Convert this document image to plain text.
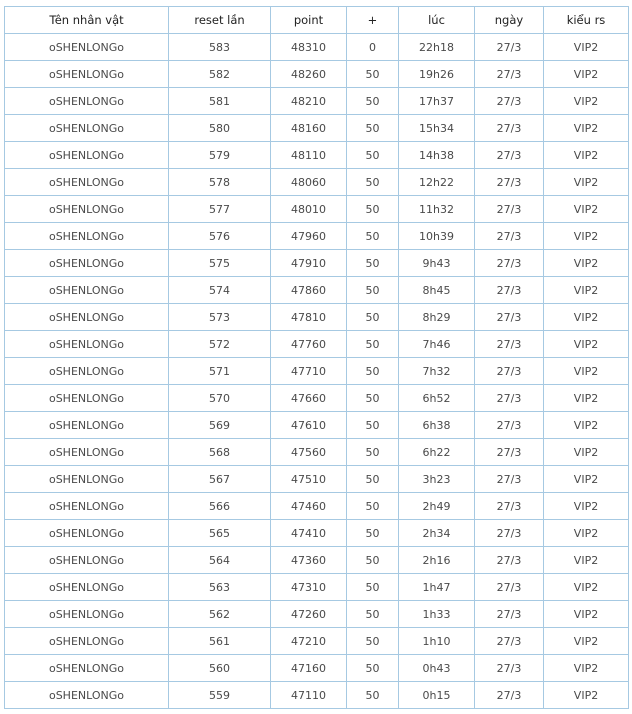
Tên nhân vật	reset lần	point	+	lúc	ngày	kiểu rs
oSHENLONGo	583	48310	0	22h18	27/3	VIP2
oSHENLONGo	582	48260	50	19h26	27/3	VIP2
oSHENLONGo	581	48210	50	17h37	27/3	VIP2
oSHENLONGo	580	48160	50	15h34	27/3	VIP2
oSHENLONGo	579	48110	50	14h38	27/3	VIP2
oSHENLONGo	578	48060	50	12h22	27/3	VIP2
oSHENLONGo	577	48010	50	11h32	27/3	VIP2
oSHENLONGo	576	47960	50	10h39	27/3	VIP2
oSHENLONGo	575	47910	50	9h43	27/3	VIP2
oSHENLONGo	574	47860	50	8h45	27/3	VIP2
oSHENLONGo	573	47810	50	8h29	27/3	VIP2
oSHENLONGo	572	47760	50	7h46	27/3	VIP2
oSHENLONGo	571	47710	50	7h32	27/3	VIP2
oSHENLONGo	570	47660	50	6h52	27/3	VIP2
oSHENLONGo	569	47610	50	6h38	27/3	VIP2
oSHENLONGo	568	47560	50	6h22	27/3	VIP2
oSHENLONGo	567	47510	50	3h23	27/3	VIP2
oSHENLONGo	566	47460	50	2h49	27/3	VIP2
oSHENLONGo	565	47410	50	2h34	27/3	VIP2
oSHENLONGo	564	47360	50	2h16	27/3	VIP2
oSHENLONGo	563	47310	50	1h47	27/3	VIP2
oSHENLONGo	562	47260	50	1h33	27/3	VIP2
oSHENLONGo	561	47210	50	1h10	27/3	VIP2
oSHENLONGo	560	47160	50	0h43	27/3	VIP2
oSHENLONGo	559	47110	50	0h15	27/3	VIP2
